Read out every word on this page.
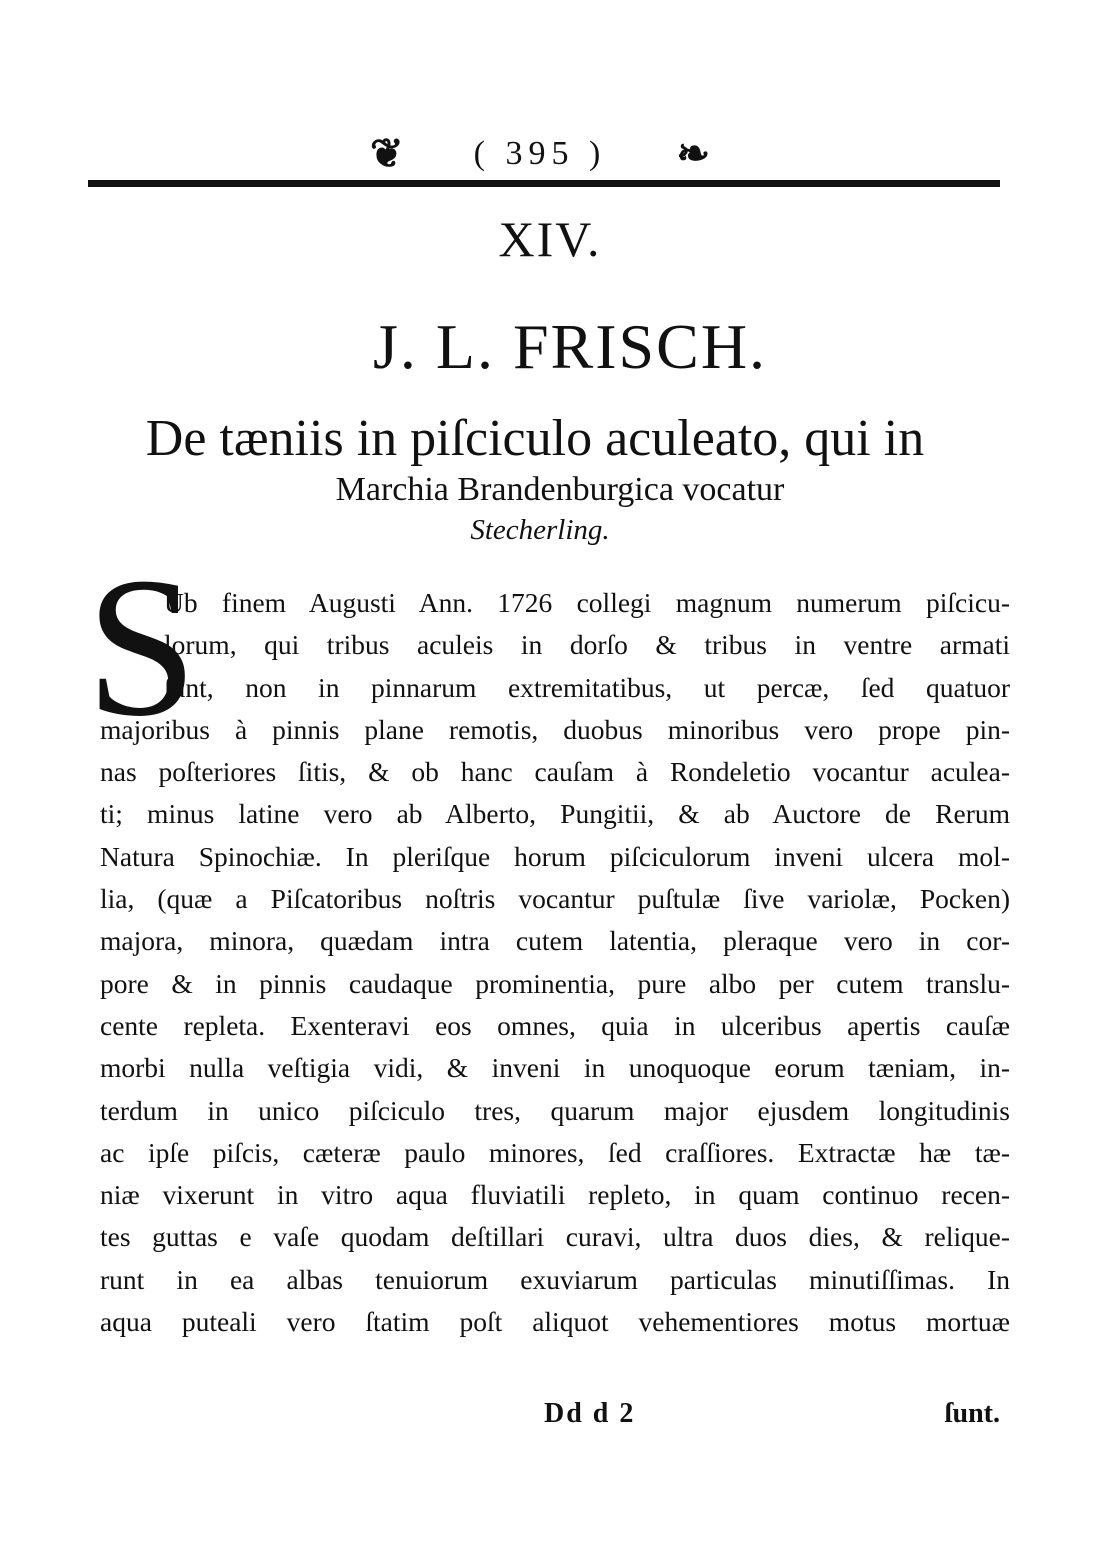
❦ ( 395 ) ❧
XIV.
J. L. FRISCH.
De tæniis in piſciculo aculeato, qui in
Marchia Brandenburgica vocatur
Stecherling.
S
Ub finem Augusti Ann. 1726 collegi magnum numerum piſcicu-
lorum, qui tribus aculeis in dorſo & tribus in ventre armati
ſunt, non in pinnarum extremitatibus, ut percæ, ſed quatuor
majoribus à pinnis plane remotis, duobus minoribus vero prope pin-
nas poſteriores ſitis, & ob hanc cauſam à Rondeletio vocantur aculea-
ti; minus latine vero ab Alberto, Pungitii, & ab Auctore de Rerum
Natura Spinochiæ. In pleriſque horum piſciculorum inveni ulcera mol-
lia, (quæ a Piſcatoribus noſtris vocantur puſtulæ ſive variolæ, Pocken)
majora, minora, quædam intra cutem latentia, pleraque vero in cor-
pore & in pinnis caudaque prominentia, pure albo per cutem translu-
cente repleta. Exenteravi eos omnes, quia in ulceribus apertis cauſæ
morbi nulla veſtigia vidi, & inveni in unoquoque eorum tæniam, in-
terdum in unico piſciculo tres, quarum major ejusdem longitudinis
ac ipſe piſcis, cæteræ paulo minores, ſed craſſiores. Extractæ hæ tæ-
niæ vixerunt in vitro aqua fluviatili repleto, in quam continuo recen-
tes guttas e vaſe quodam deſtillari curavi, ultra duos dies, & relique-
runt in ea albas tenuiorum exuviarum particulas minutiſſimas. In
aqua puteali vero ſtatim poſt aliquot vehementiores motus mortuæ
Dd d 2	ſunt.
